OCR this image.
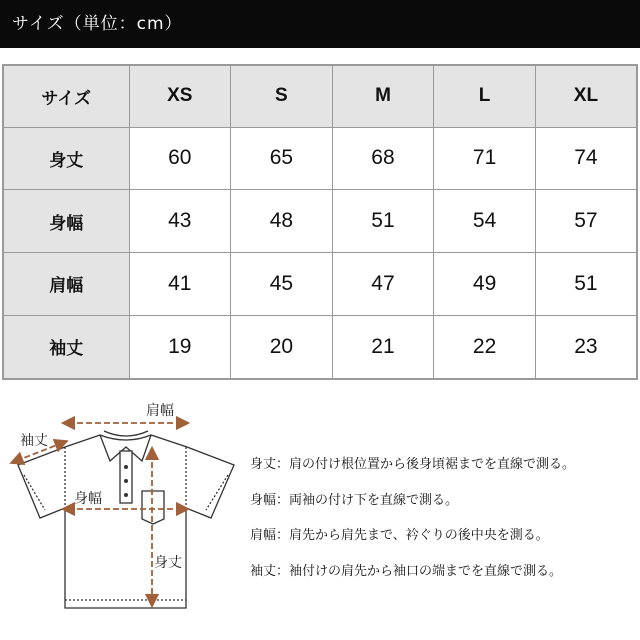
サイズ（単位：cm）
サイズ	XS	S	M	L	XL
身丈	60	65	68	71	74
身幅	43	48	51	54	57
肩幅	41	45	47	49	51
袖丈	19	20	21	22	23
肩幅
袖丈
身幅
身丈
身丈：肩の付け根位置から後身頃裾までを直線で測る。
身幅：両袖の付け下を直線で測る。
肩幅：肩先から肩先まで、衿ぐりの後中央を測る。
袖丈：袖付けの肩先から袖口の端までを直線で測る。
